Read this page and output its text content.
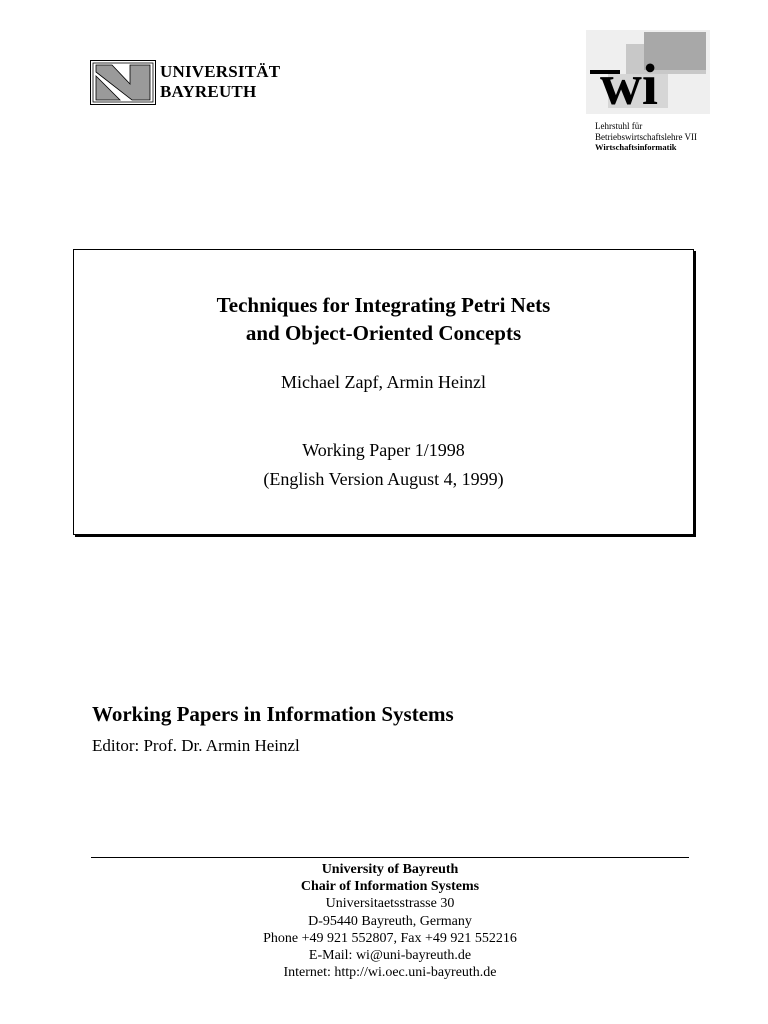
UNIVERSITÄT
BAYREUTH	wi
Lehrstuhl für
Betriebswirtschaftslehre VII
Wirtschaftsinformatik
Techniques for Integrating Petri Nets
and Object-Oriented Concepts
Michael Zapf, Armin Heinzl
Working Paper 1/1998
(English Version August 4, 1999)
Working Papers in Information Systems
Editor: Prof. Dr. Armin Heinzl
University of Bayreuth
Chair of Information Systems
Universitaetsstrasse 30
D-95440 Bayreuth, Germany
Phone +49 921 552807, Fax +49 921 552216
E-Mail: wi@uni-bayreuth.de
Internet: http://wi.oec.uni-bayreuth.de
